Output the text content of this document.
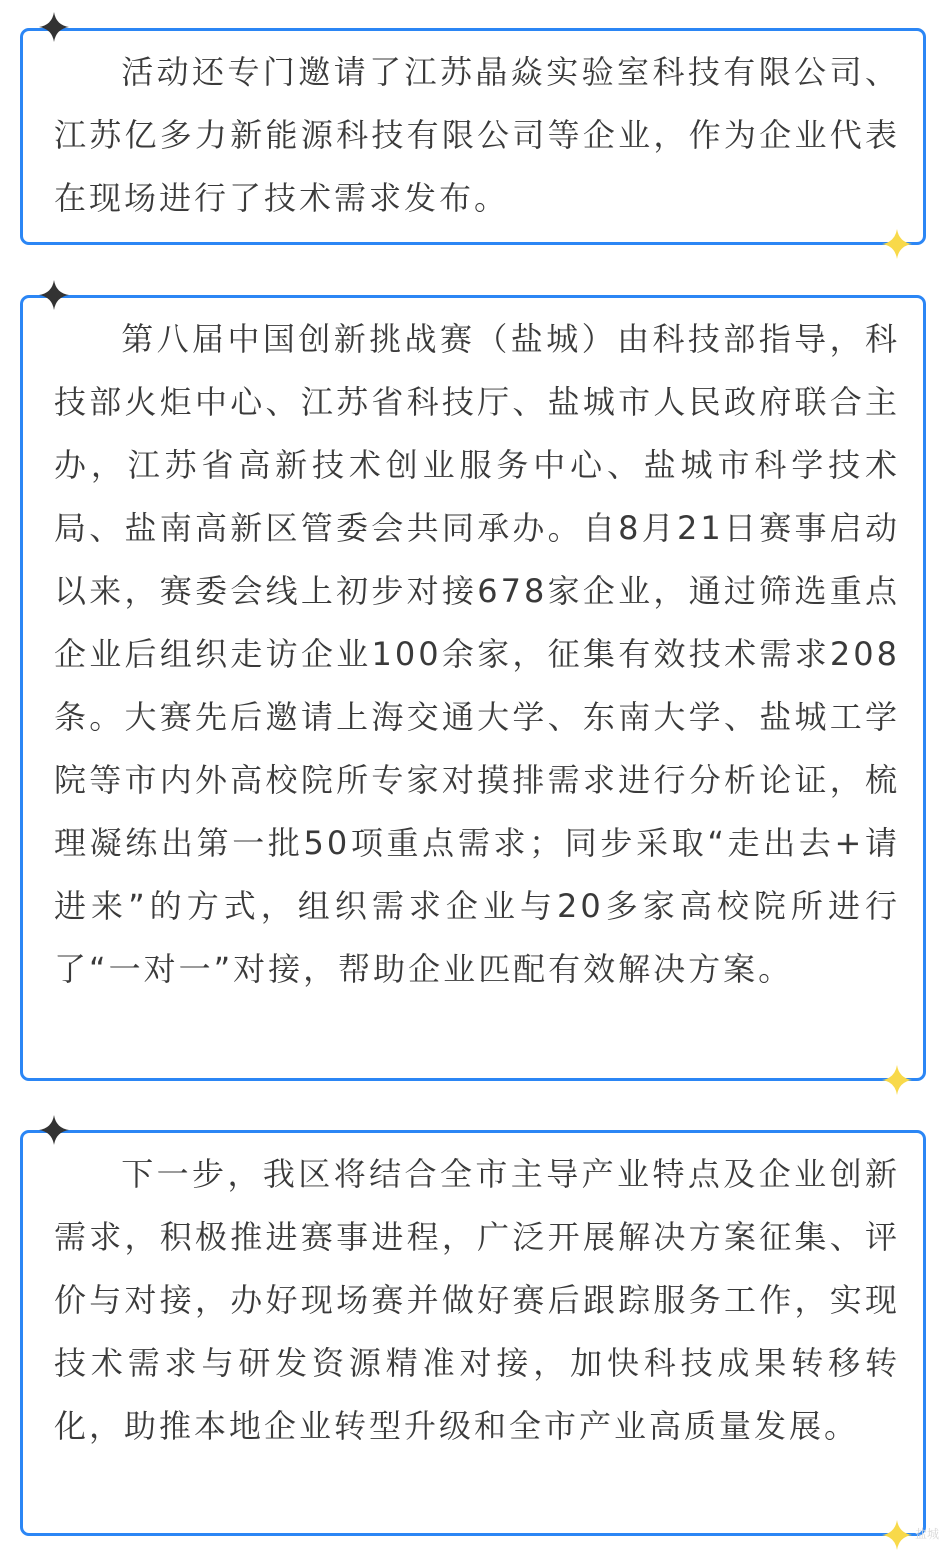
活动还专门邀请了江苏晶焱实验室科技有限公司、江苏亿多力新能源科技有限公司等企业，作为企业代表在现场进行了技术需求发布。

第八届中国创新挑战赛（盐城）由科技部指导，科技部火炬中心、江苏省科技厅、盐城市人民政府联合主办，江苏省高新技术创业服务中心、盐城市科学技术局、盐南高新区管委会共同承办。自8月21日赛事启动以来，赛委会线上初步对接678家企业，通过筛选重点企业后组织走访企业100余家，征集有效技术需求208条。大赛先后邀请上海交通大学、东南大学、盐城工学院等市内外高校院所专家对摸排需求进行分析论证，梳理凝练出第一批50项重点需求；同步采取“走出去+请进来”的方式，组织需求企业与20多家高校院所进行了“一对一”对接，帮助企业匹配有效解决方案。

下一步，我区将结合全市主导产业特点及企业创新需求，积极推进赛事进程，广泛开展解决方案征集、评价与对接，办好现场赛并做好赛后跟踪服务工作，实现技术需求与研发资源精准对接，加快科技成果转移转化，助推本地企业转型升级和全市产业高质量发展。

盐城
